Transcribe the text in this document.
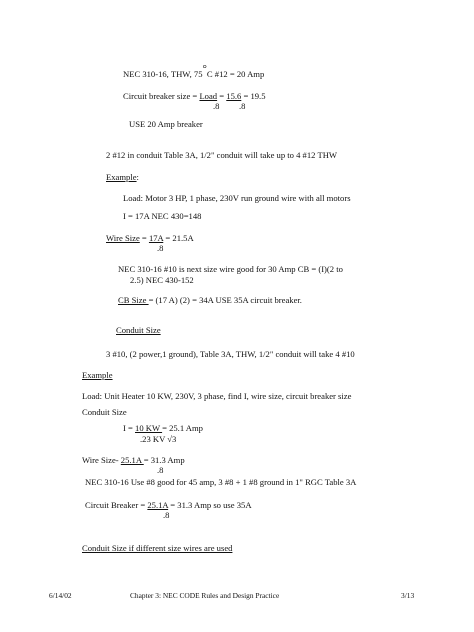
NEC 310-16, THW, 75°C #12 = 20 Amp
Circuit breaker size = Load = 15.6 = 19.5
.8 .8
USE 20 Amp breaker
2 #12 in conduit Table 3A, 1/2" conduit will take up to 4 #12 THW
Example:
Load: Motor 3 HP, 1 phase, 230V run ground wire with all motors
I = 17A NEC 430=148
Wire Size = 17A = 21.5A
.8
NEC 310-16 #10 is next size wire good for 30 Amp CB = (I)(2 to
2.5) NEC 430-152
CB Size = (17 A) (2) = 34A USE 35A circuit breaker.
Conduit Size
3 #10, (2 power,1 ground), Table 3A, THW, 1/2" conduit will take 4 #10
Example
Load: Unit Heater 10 KW, 230V, 3 phase, find I, wire size, circuit breaker size
Conduit Size
I = 10 KW = 25.1 Amp
.23 KV √3
Wire Size- 25.1A = 31.3 Amp
.8
NEC 310-16 Use #8 good for 45 amp, 3 #8 + 1 #8 ground in 1" RGC Table 3A
Circuit Breaker = 25.1A = 31.3 Amp so use 35A
.8
Conduit Size if different size wires are used
6/14/02	Chapter 3: NEC CODE Rules and Design Practice	3/13
